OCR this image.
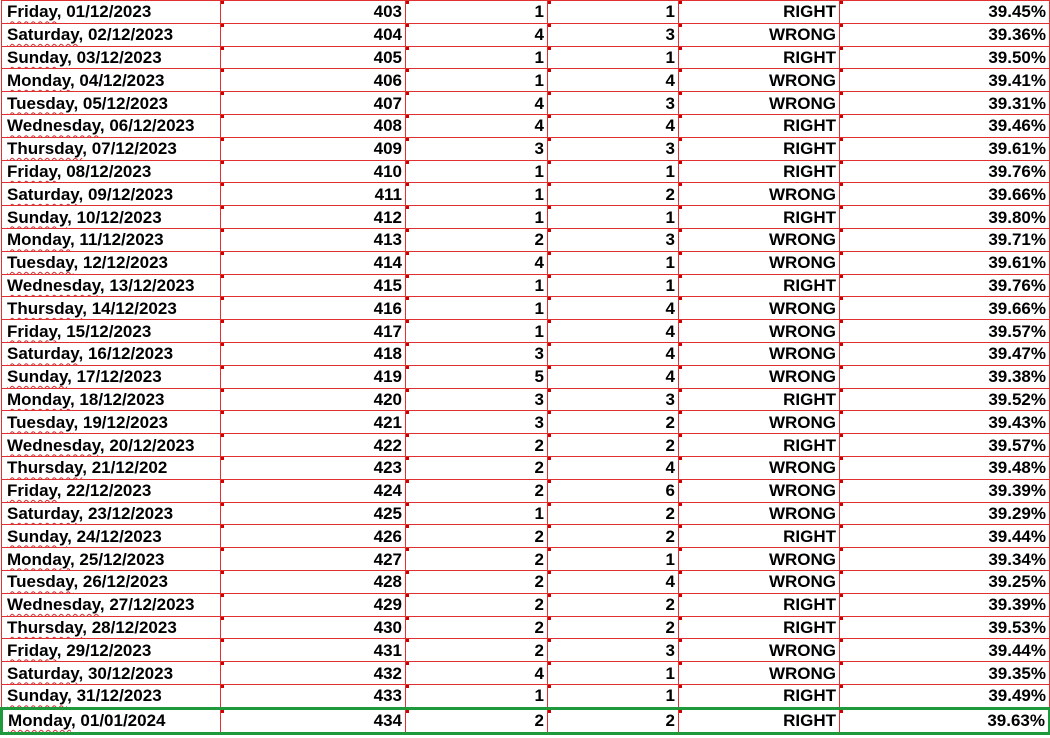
Friday, 01/12/2023	403	1	1	RIGHT	39.45%
Saturday, 02/12/2023	404	4	3	WRONG	39.36%
Sunday, 03/12/2023	405	1	1	RIGHT	39.50%
Monday, 04/12/2023	406	1	4	WRONG	39.41%
Tuesday, 05/12/2023	407	4	3	WRONG	39.31%
Wednesday, 06/12/2023	408	4	4	RIGHT	39.46%
Thursday, 07/12/2023	409	3	3	RIGHT	39.61%
Friday, 08/12/2023	410	1	1	RIGHT	39.76%
Saturday, 09/12/2023	411	1	2	WRONG	39.66%
Sunday, 10/12/2023	412	1	1	RIGHT	39.80%
Monday, 11/12/2023	413	2	3	WRONG	39.71%
Tuesday, 12/12/2023	414	4	1	WRONG	39.61%
Wednesday, 13/12/2023	415	1	1	RIGHT	39.76%
Thursday, 14/12/2023	416	1	4	WRONG	39.66%
Friday, 15/12/2023	417	1	4	WRONG	39.57%
Saturday, 16/12/2023	418	3	4	WRONG	39.47%
Sunday, 17/12/2023	419	5	4	WRONG	39.38%
Monday, 18/12/2023	420	3	3	RIGHT	39.52%
Tuesday, 19/12/2023	421	3	2	WRONG	39.43%
Wednesday, 20/12/2023	422	2	2	RIGHT	39.57%
Thursday, 21/12/202	423	2	4	WRONG	39.48%
Friday, 22/12/2023	424	2	6	WRONG	39.39%
Saturday, 23/12/2023	425	1	2	WRONG	39.29%
Sunday, 24/12/2023	426	2	2	RIGHT	39.44%
Monday, 25/12/2023	427	2	1	WRONG	39.34%
Tuesday, 26/12/2023	428	2	4	WRONG	39.25%
Wednesday, 27/12/2023	429	2	2	RIGHT	39.39%
Thursday, 28/12/2023	430	2	2	RIGHT	39.53%
Friday, 29/12/2023	431	2	3	WRONG	39.44%
Saturday, 30/12/2023	432	4	1	WRONG	39.35%
Sunday, 31/12/2023	433	1	1	RIGHT	39.49%
Monday, 01/01/2024	434	2	2	RIGHT	39.63%
